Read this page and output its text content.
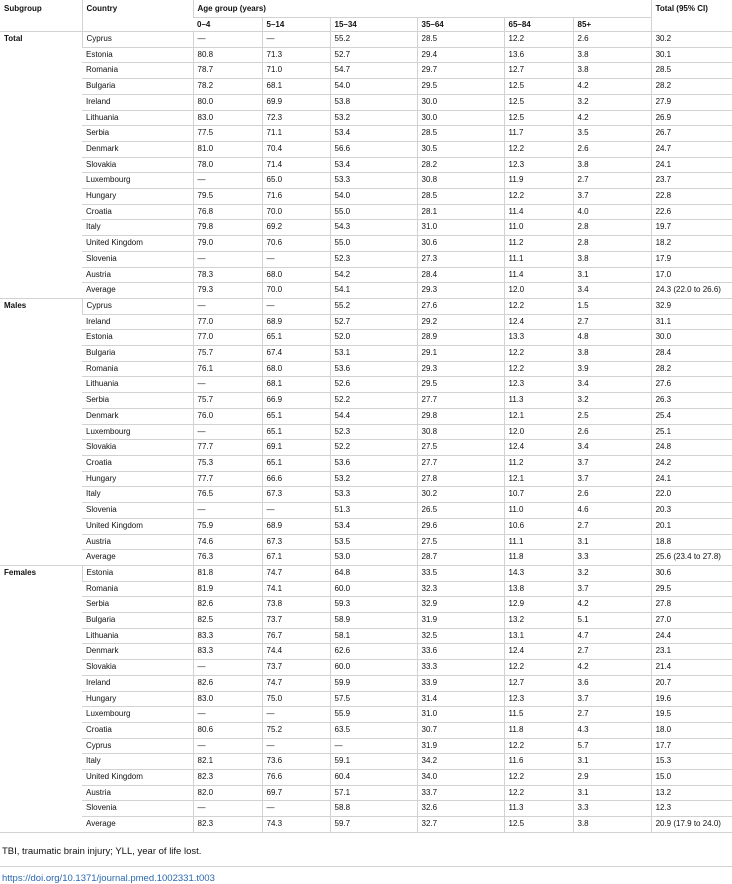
Subgroup	Country	Age group (years)						Total (95% CI)
		0–4	5–14	15–34	35–64	65–84	85+	
Total	Cyprus	—	—	55.2	28.5	12.2	2.6	30.2
	Estonia	80.8	71.3	52.7	29.4	13.6	3.8	30.1
	Romania	78.7	71.0	54.7	29.7	12.7	3.8	28.5
	Bulgaria	78.2	68.1	54.0	29.5	12.5	4.2	28.2
	Ireland	80.0	69.9	53.8	30.0	12.5	3.2	27.9
	Lithuania	83.0	72.3	53.2	30.0	12.5	4.2	26.9
	Serbia	77.5	71.1	53.4	28.5	11.7	3.5	26.7
	Denmark	81.0	70.4	56.6	30.5	12.2	2.6	24.7
	Slovakia	78.0	71.4	53.4	28.2	12.3	3.8	24.1
	Luxembourg	—	65.0	53.3	30.8	11.9	2.7	23.7
	Hungary	79.5	71.6	54.0	28.5	12.2	3.7	22.8
	Croatia	76.8	70.0	55.0	28.1	11.4	4.0	22.6
	Italy	79.8	69.2	54.3	31.0	11.0	2.8	19.7
	United Kingdom	79.0	70.6	55.0	30.6	11.2	2.8	18.2
	Slovenia	—	—	52.3	27.3	11.1	3.8	17.9
	Austria	78.3	68.0	54.2	28.4	11.4	3.1	17.0
	Average	79.3	70.0	54.1	29.3	12.0	3.4	24.3 (22.0 to 26.6)
Males	Cyprus	—	—	55.2	27.6	12.2	1.5	32.9
	Ireland	77.0	68.9	52.7	29.2	12.4	2.7	31.1
	Estonia	77.0	65.1	52.0	28.9	13.3	4.8	30.0
	Bulgaria	75.7	67.4	53.1	29.1	12.2	3.8	28.4
	Romania	76.1	68.0	53.6	29.3	12.2	3.9	28.2
	Lithuania	—	68.1	52.6	29.5	12.3	3.4	27.6
	Serbia	75.7	66.9	52.2	27.7	11.3	3.2	26.3
	Denmark	76.0	65.1	54.4	29.8	12.1	2.5	25.4
	Luxembourg	—	65.1	52.3	30.8	12.0	2.6	25.1
	Slovakia	77.7	69.1	52.2	27.5	12.4	3.4	24.8
	Croatia	75.3	65.1	53.6	27.7	11.2	3.7	24.2
	Hungary	77.7	66.6	53.2	27.8	12.1	3.7	24.1
	Italy	76.5	67.3	53.3	30.2	10.7	2.6	22.0
	Slovenia	—	—	51.3	26.5	11.0	4.6	20.3
	United Kingdom	75.9	68.9	53.4	29.6	10.6	2.7	20.1
	Austria	74.6	67.3	53.5	27.5	11.1	3.1	18.8
	Average	76.3	67.1	53.0	28.7	11.8	3.3	25.6 (23.4 to 27.8)
Females	Estonia	81.8	74.7	64.8	33.5	14.3	3.2	30.6
	Romania	81.9	74.1	60.0	32.3	13.8	3.7	29.5
	Serbia	82.6	73.8	59.3	32.9	12.9	4.2	27.8
	Bulgaria	82.5	73.7	58.9	31.9	13.2	5.1	27.0
	Lithuania	83.3	76.7	58.1	32.5	13.1	4.7	24.4
	Denmark	83.3	74.4	62.6	33.6	12.4	2.7	23.1
	Slovakia	—	73.7	60.0	33.3	12.2	4.2	21.4
	Ireland	82.6	74.7	59.9	33.9	12.7	3.6	20.7
	Hungary	83.0	75.0	57.5	31.4	12.3	3.7	19.6
	Luxembourg	—	—	55.9	31.0	11.5	2.7	19.5
	Croatia	80.6	75.2	63.5	30.7	11.8	4.3	18.0
	Cyprus	—	—	—	31.9	12.2	5.7	17.7
	Italy	82.1	73.6	59.1	34.2	11.6	3.1	15.3
	United Kingdom	82.3	76.6	60.4	34.0	12.2	2.9	15.0
	Austria	82.0	69.7	57.1	33.7	12.2	3.1	13.2
	Slovenia	—	—	58.8	32.6	11.3	3.3	12.3
	Average	82.3	74.3	59.7	32.7	12.5	3.8	20.9 (17.9 to 24.0)
TBI, traumatic brain injury; YLL, year of life lost.
https://doi.org/10.1371/journal.pmed.1002331.t003
